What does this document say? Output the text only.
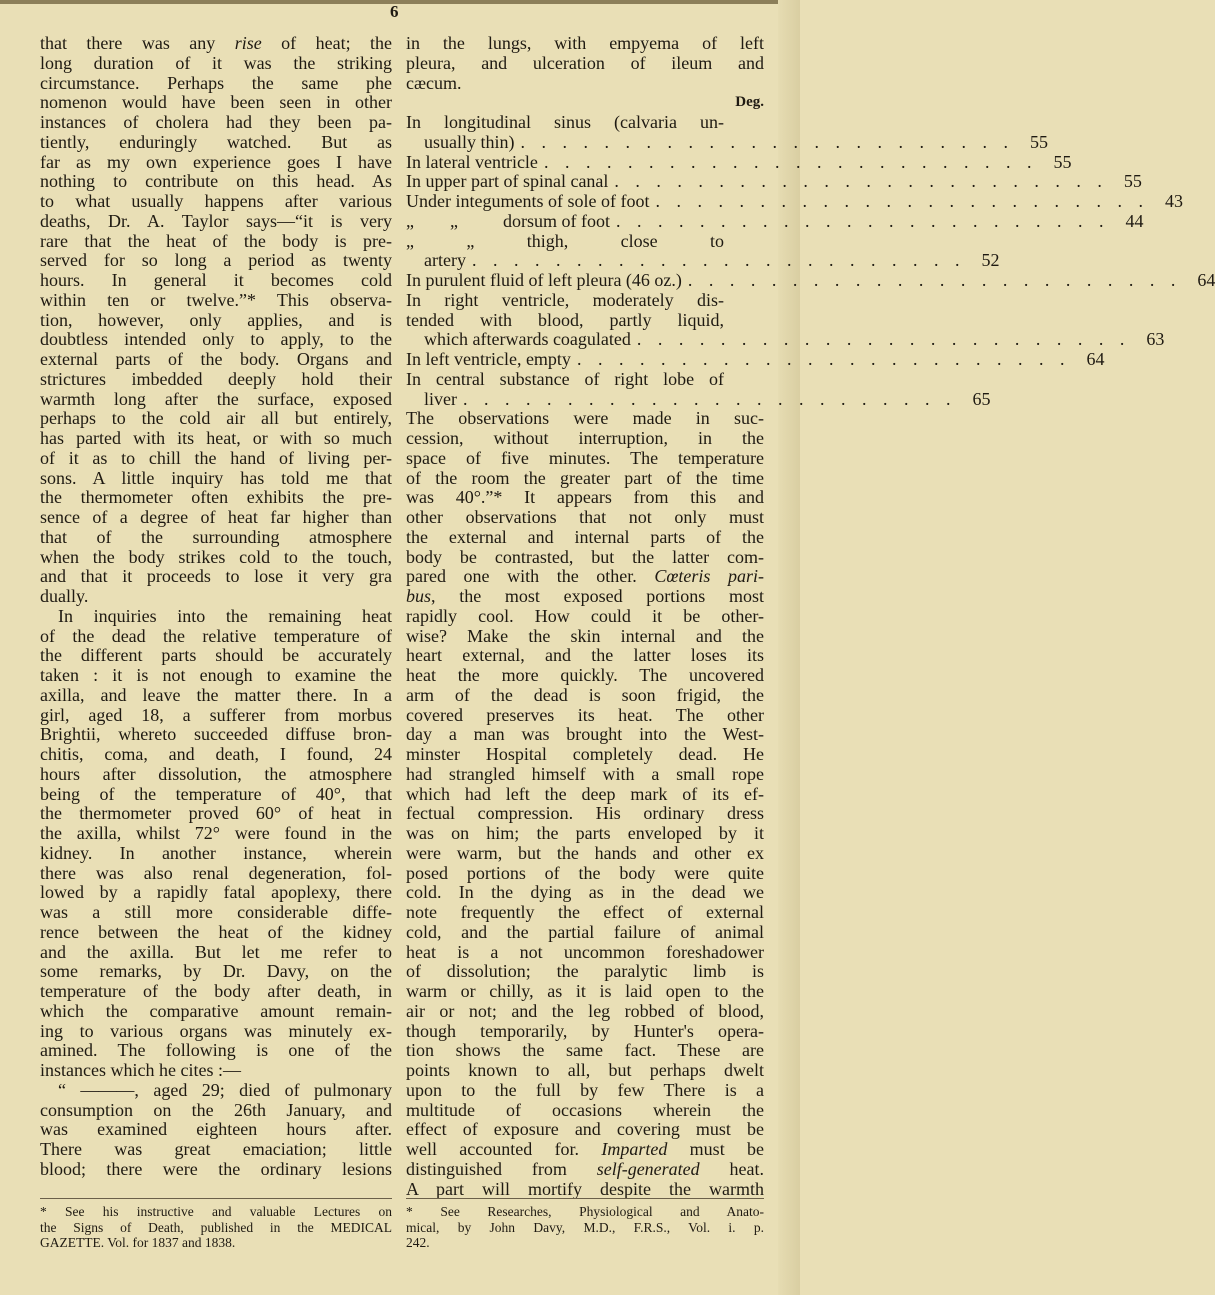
6
that there was any rise of heat; the
long duration of it was the striking
circumstance. Perhaps the same phe
nomenon would have been seen in other
instances of cholera had they been pa-
tiently, enduringly watched. But as
far as my own experience goes I have
nothing to contribute on this head. As
to what usually happens after various
deaths, Dr. A. Taylor says—“it is very
rare that the heat of the body is pre-
served for so long a period as twenty
hours. In general it becomes cold
within ten or twelve.”* This observa-
tion, however, only applies, and is
doubtless intended only to apply, to the
external parts of the body. Organs and
strictures imbedded deeply hold their
warmth long after the surface, exposed
perhaps to the cold air all but entirely,
has parted with its heat, or with so much
of it as to chill the hand of living per-
sons. A little inquiry has told me that
the thermometer often exhibits the pre-
sence of a degree of heat far higher than
that of the surrounding atmosphere
when the body strikes cold to the touch,
and that it proceeds to lose it very gra
dually.
In inquiries into the remaining heat
of the dead the relative temperature of
the different parts should be accurately
taken : it is not enough to examine the
axilla, and leave the matter there. In a
girl, aged 18, a sufferer from morbus
Brightii, whereto succeeded diffuse bron-
chitis, coma, and death, I found, 24
hours after dissolution, the atmosphere
being of the temperature of 40°, that
the thermometer proved 60° of heat in
the axilla, whilst 72° were found in the
kidney. In another instance, wherein
there was also renal degeneration, fol-
lowed by a rapidly fatal apoplexy, there
was a still more considerable diffe-
rence between the heat of the kidney
and the axilla. But let me refer to
some remarks, by Dr. Davy, on the
temperature of the body after death, in
which the comparative amount remain-
ing to various organs was minutely ex-
amined. The following is one of the
instances which he cites :—
“ ———, aged 29; died of pulmonary
consumption on the 26th January, and
was examined eighteen hours after.
There was great emaciation; little
blood; there were the ordinary lesions
in the lungs, with empyema of left
pleura, and ulceration of ileum and
cæcum.
Deg.
In longitudinal sinus (calvaria un-
usually thin) . . . . . . . . . . . . . . . . . . . . . . . . 55
In lateral ventricle . . . . . . . . . . . . . . . . . . . . . . . . 55
In upper part of spinal canal . . . . . . . . . . . . . . . . . . . . . . . . 55
Under integuments of sole of foot . . . . . . . . . . . . . . . . . . . . . . . . 43
„        „          dorsum of foot . . . . . . . . . . . . . . . . . . . . . . . . 44
„ „ thigh, close to
artery . . . . . . . . . . . . . . . . . . . . . . . . 52
In purulent fluid of left pleura (46 oz.) . . . . . . . . . . . . . . . . . . . . . . . . 64
In right ventricle, moderately dis-
tended with blood, partly liquid,
which afterwards coagulated . . . . . . . . . . . . . . . . . . . . . . . . 63
In left ventricle, empty . . . . . . . . . . . . . . . . . . . . . . . . 64
In central substance of right lobe of
liver . . . . . . . . . . . . . . . . . . . . . . . . 65
The observations were made in suc-
cession, without interruption, in the
space of five minutes. The temperature
of the room the greater part of the time
was 40°.”* It appears from this and
other observations that not only must
the external and internal parts of the
body be contrasted, but the latter com-
pared one with the other. Cœteris pari-
bus, the most exposed portions most
rapidly cool. How could it be other-
wise? Make the skin internal and the
heart external, and the latter loses its
heat the more quickly. The uncovered
arm of the dead is soon frigid, the
covered preserves its heat. The other
day a man was brought into the West-
minster Hospital completely dead. He
had strangled himself with a small rope
which had left the deep mark of its ef-
fectual compression. His ordinary dress
was on him; the parts enveloped by it
were warm, but the hands and other ex
posed portions of the body were quite
cold. In the dying as in the dead we
note frequently the effect of external
cold, and the partial failure of animal
heat is a not uncommon foreshadower
of dissolution; the paralytic limb is
warm or chilly, as it is laid open to the
air or not; and the leg robbed of blood,
though temporarily, by Hunter's opera-
tion shows the same fact. These are
points known to all, but perhaps dwelt
upon to the full by few There is a
multitude of occasions wherein the
effect of exposure and covering must be
well accounted for. Imparted must be
distinguished from self-generated heat.
A part will mortify despite the warmth
* See his instructive and valuable Lectures on
the Signs of Death, published in the MEDICAL
GAZETTE. Vol. for 1837 and 1838.
* See Researches, Physiological and Anato-
mical, by John Davy, M.D., F.R.S., Vol. i. p.
242.
